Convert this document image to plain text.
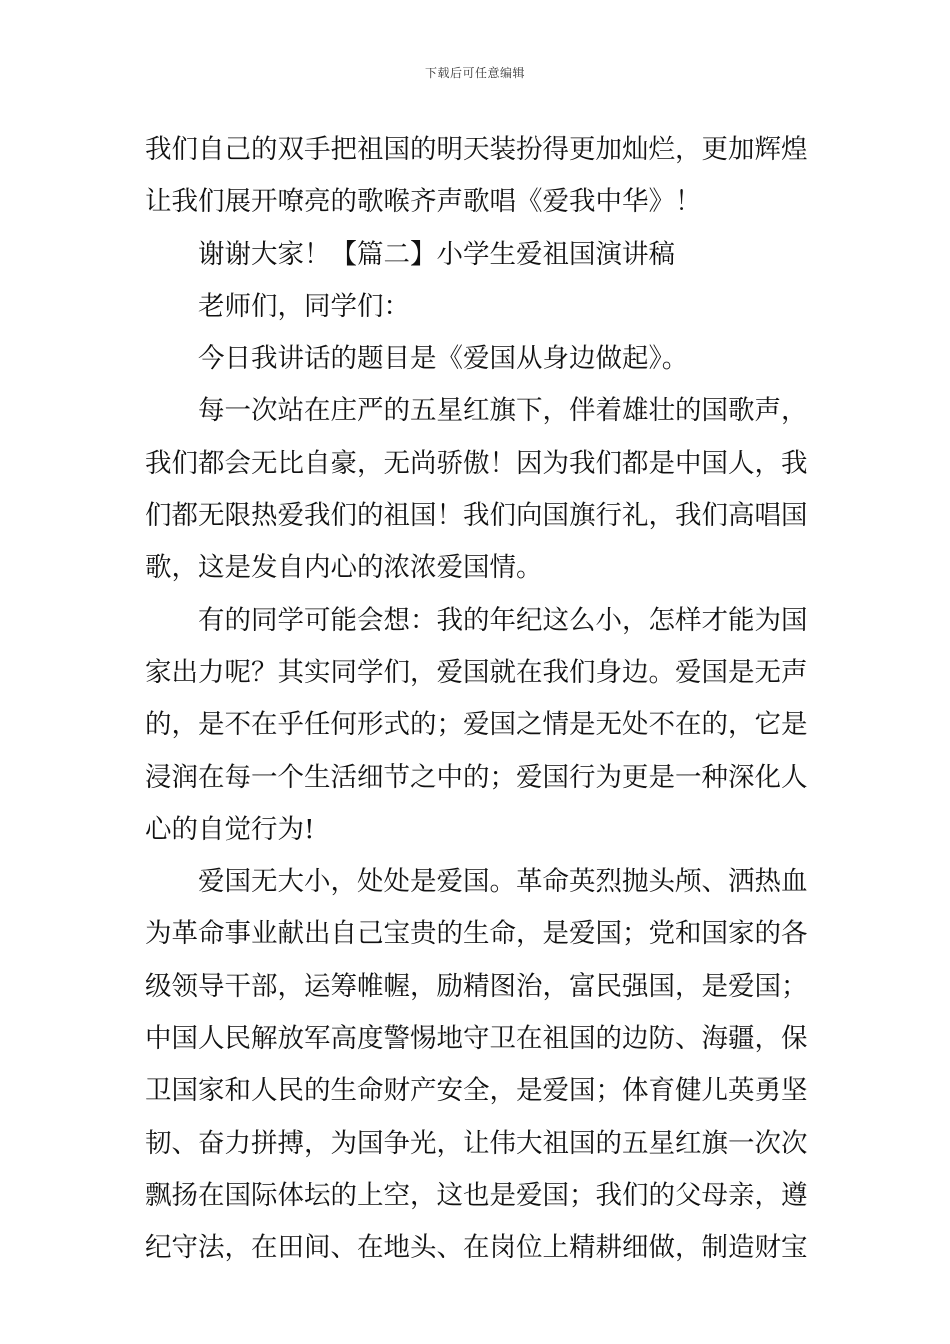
下载后可任意编辑
我们自己的双手把祖国的明天装扮得更加灿烂，更加辉煌
让我们展开嘹亮的歌喉齐声歌唱《爱我中华》！
谢谢大家！【篇二】小学生爱祖国演讲稿
老师们，同学们：
今日我讲话的题目是《爱国从身边做起》。
每一次站在庄严的五星红旗下，伴着雄壮的国歌声，
我们都会无比自豪，无尚骄傲！因为我们都是中国人，我
们都无限热爱我们的祖国！我们向国旗行礼，我们高唱国
歌，这是发自内心的浓浓爱国情。
有的同学可能会想：我的年纪这么小，怎样才能为国
家出力呢？其实同学们，爱国就在我们身边。爱国是无声
的，是不在乎任何形式的；爱国之情是无处不在的，它是
浸润在每一个生活细节之中的；爱国行为更是一种深化人
心的自觉行为!
爱国无大小，处处是爱国。革命英烈抛头颅、洒热血
为革命事业献出自己宝贵的生命，是爱国；党和国家的各
级领导干部，运筹帷幄，励精图治，富民强国，是爱国；
中国人民解放军高度警惕地守卫在祖国的边防、海疆，保
卫国家和人民的生命财产安全，是爱国；体育健儿英勇坚
韧、奋力拼搏，为国争光，让伟大祖国的五星红旗一次次
飘扬在国际体坛的上空，这也是爱国；我们的父母亲，遵
纪守法，在田间、在地头、在岗位上精耕细做，制造财宝
